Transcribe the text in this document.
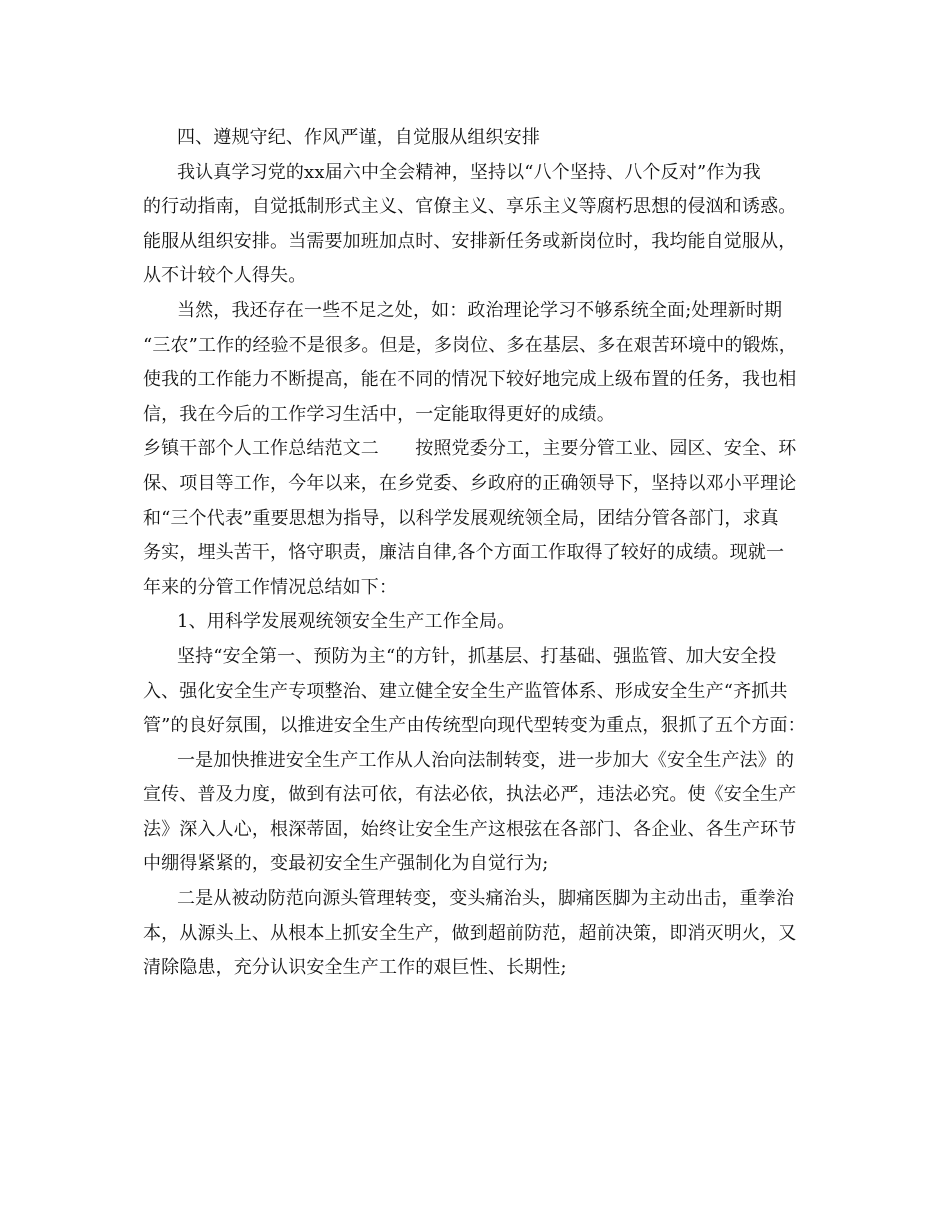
四、遵规守纪、作风严谨，自觉服从组织安排
我认真学习党的xx届六中全会精神，坚持以“八个坚持、八个反对”作为我
的行动指南，自觉抵制形式主义、官僚主义、享乐主义等腐朽思想的侵汹和诱惑。
能服从组织安排。当需要加班加点时、安排新任务或新岗位时，我均能自觉服从，
从不计较个人得失。
当然，我还存在一些不足之处，如：政治理论学习不够系统全面;处理新时期
“三农”工作的经验不是很多。但是，多岗位、多在基层、多在艰苦环境中的锻炼，
使我的工作能力不断提高，能在不同的情况下较好地完成上级布置的任务，我也相
信，我在今后的工作学习生活中，一定能取得更好的成绩。
乡镇干部个人工作总结范文二　　按照党委分工，主要分管工业、园区、安全、环
保、项目等工作，今年以来，在乡党委、乡政府的正确领导下，坚持以邓小平理论
和“三个代表”重要思想为指导，以科学发展观统领全局，团结分管各部门，求真
务实，埋头苦干，恪守职责，廉洁自律,各个方面工作取得了较好的成绩。现就一
年来的分管工作情况总结如下：
1、用科学发展观统领安全生产工作全局。
坚持“安全第一、预防为主“的方针，抓基层、打基础、强监管、加大安全投
入、强化安全生产专项整治、建立健全安全生产监管体系、形成安全生产“齐抓共
管”的良好氛围，以推进安全生产由传统型向现代型转变为重点，狠抓了五个方面：
一是加快推进安全生产工作从人治向法制转变，进一步加大《安全生产法》的
宣传、普及力度，做到有法可依，有法必依，执法必严，违法必究。使《安全生产
法》深入人心，根深蒂固，始终让安全生产这根弦在各部门、各企业、各生产环节
中绷得紧紧的，变最初安全生产强制化为自觉行为;
二是从被动防范向源头管理转变，变头痛治头，脚痛医脚为主动出击，重拳治
本，从源头上、从根本上抓安全生产，做到超前防范，超前决策，即消灭明火，又
清除隐患，充分认识安全生产工作的艰巨性、长期性;
